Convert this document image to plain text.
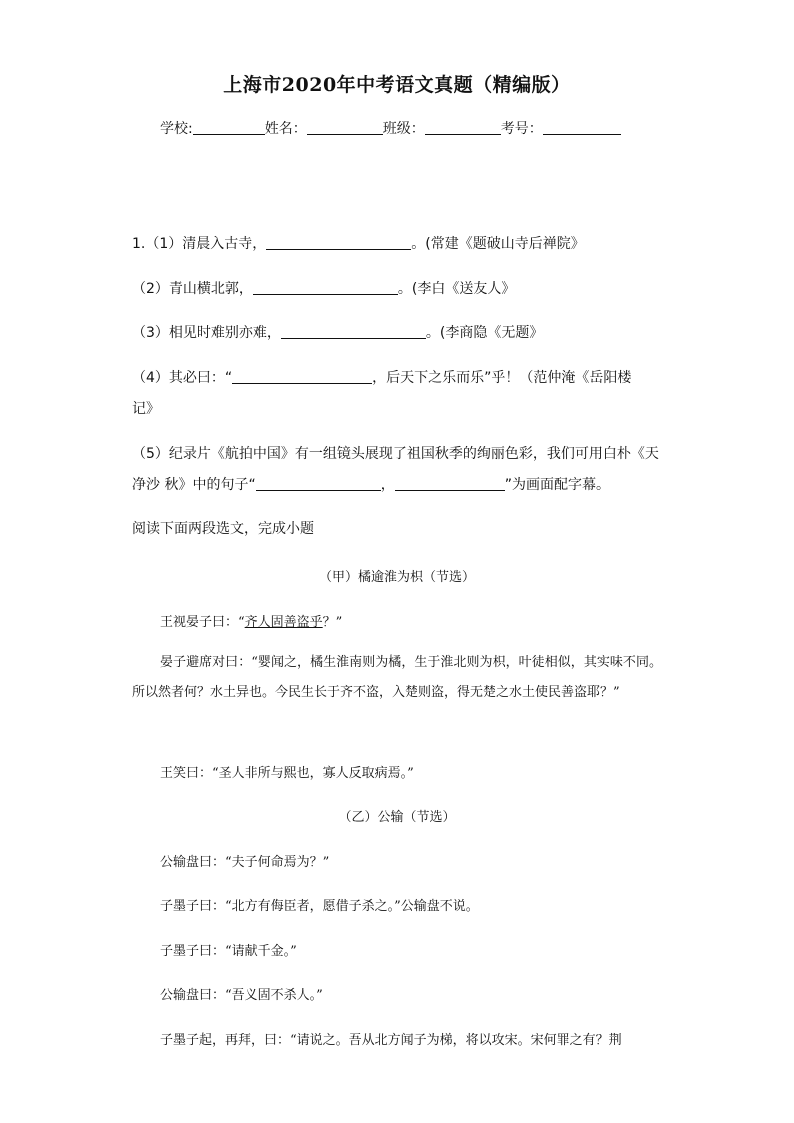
上海市2020年中考语文真题（精编版）
学校:	姓名：	班级：	考号：
1.（1）清晨入古寺，	。(常建《题破山寺后禅院》
（2）青山横北郭，	。(李白《送友人》
（3）相见时难别亦难，	。(李商隐《无题》
（4）其必曰：“	，后天下之乐而乐”乎！（范仲淹《岳阳楼
记》
（5）纪录片《航拍中国》有一组镜头展现了祖国秋季的绚丽色彩，我们可用白朴《天
净沙 秋》中的句子“	，	”为画面配字幕。
阅读下面两段选文，完成小题
（甲）橘逾淮为枳（节选）
王视晏子曰：“齐人固善盗乎？”
晏子避席对曰：“婴闻之，橘生淮南则为橘，生于淮北则为枳，叶徒相似，其实味不同。所以然者何？水土异也。今民生长于齐不盗，入楚则盗，得无楚之水土使民善盗耶？”
王笑曰：“圣人非所与熙也，寡人反取病焉。”
（乙）公输（节选）
公输盘曰：“夫子何命焉为？”
子墨子曰：“北方有侮臣者，愿借子杀之。”公输盘不说。
子墨子曰：“请献千金。”
公输盘曰：“吾义固不杀人。”
子墨子起，再拜，曰：“请说之。吾从北方闻子为梯，将以攻宋。宋何罪之有？荆
